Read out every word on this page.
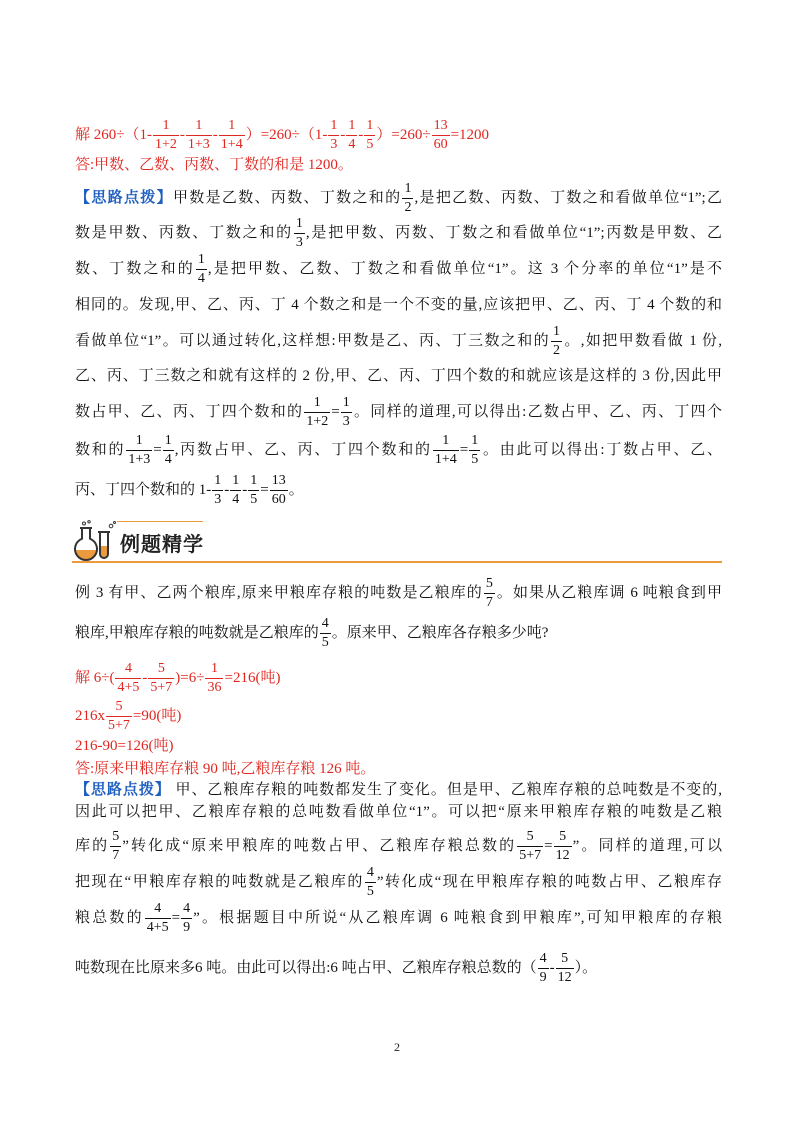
解 $260\div(1- \frac{1}{1+2} - \frac{1}{1+3} - \frac{1}{1+4} )=260\div(1- \frac{1}{3} - \frac{1}{4} - \frac{1}{5} )=260\div \frac{13}{60} =1200$
答:甲数、乙数、丙数、丁数的和是 1200。
【思路点拨】甲数是乙数、丙数、丁数之和的 $\frac{1}{2}$ ,是把乙数、丙数、丁数之和看做单位“1”;乙
数是甲数、丙数、丁数之和的 $\frac{1}{3}$ ,是把甲数、丙数、丁数之和看做单位“1”;丙数是甲数、乙
数、丁数之和的 $\frac{1}{4}$ ,是把甲数、乙数、丁数之和看做单位“1”。这 3 个分率的单位“1”是不
相同的。发现,甲、乙、丙、丁 4 个数之和是一个不变的量,应该把甲、乙、丙、丁 4 个数的和
看做单位“1”。可以通过转化,这样想:甲数是乙、丙、丁三数之和的 $\frac{1}{2}$ 。,如把甲数看做 1 份,
乙、丙、丁三数之和就有这样的 2 份,甲、乙、丙、丁四个数的和就应该是这样的 3 份,因此甲
数占甲、乙、丙、丁四个数和的 $\frac{1}{1+2} = \frac{1}{3}$ 。同样的道理,可以得出:乙数占甲、乙、丙、丁四个
数和的 $\frac{1}{1+3} = \frac{1}{4}$ ,丙数占甲、乙、丙、丁四个数和的 $\frac{1}{1+4} = \frac{1}{5}$ 。由此可以得出:丁数占甲、乙、
丙、丁四个数和的 $1- \frac{1}{3} - \frac{1}{4} - \frac{1}{5} = \frac{13}{60}$ 。
例题精学
例 3 有甲、乙两个粮库,原来甲粮库存粮的吨数是乙粮库的 $\frac{5}{7}$ 。如果从乙粮库调 6 吨粮食到甲
粮库,甲粮库存粮的吨数就是乙粮库的 $\frac{4}{5}$ 。原来甲、乙粮库各存粮多少吨?
解 $6\div( \frac{4}{4+5} - \frac{5}{5+7} )=6\div \frac{1}{36} =216$(吨)
$216x \frac{5}{5+7} =90$(吨)
216-90=126(吨)
答:原来甲粮库存粮 90 吨,乙粮库存粮 126 吨。
【思路点拨】 甲、乙粮库存粮的吨数都发生了变化。但是甲、乙粮库存粮的总吨数是不变的,
因此可以把甲、乙粮库存粮的总吨数看做单位“1”。可以把“原来甲粮库存粮的吨数是乙粮
库的 $\frac{5}{7}$ ”转化成“原来甲粮库的吨数占甲、乙粮库存粮总数的 $\frac{5}{5+7} = \frac{5}{12}$ ”。同样的道理,可以
把现在“甲粮库存粮的吨数就是乙粮库的 $\frac{4}{5}$ ”转化成“现在甲粮库存粮的吨数占甲、乙粮库存
粮总数的 $\frac{4}{4+5} = \frac{4}{9}$ ”。根据题目中所说“从乙粮库调 6 吨粮食到甲粮库”,可知甲粮库的存粮
吨数现在比原来多6 吨。由此可以得出:6 吨占甲、乙粮库存粮总数的（ $\frac{4}{9} - \frac{5}{12}$ ）。
2
